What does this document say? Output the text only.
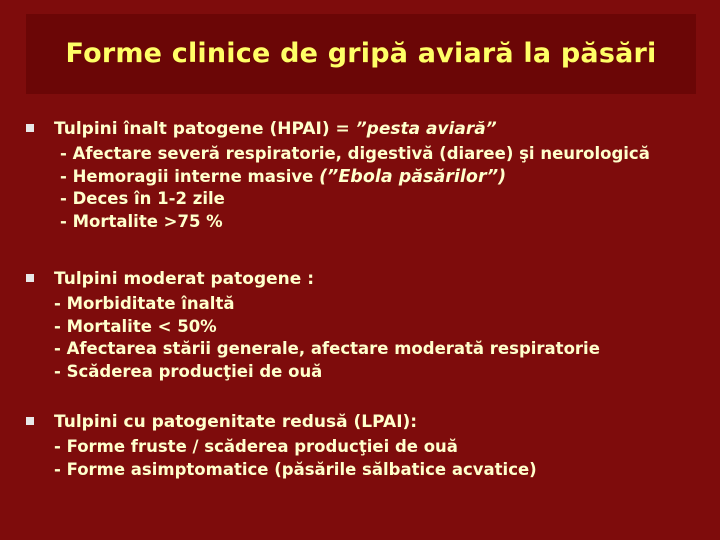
Forme clinice de gripă aviară la păsări
Tulpini înalt patogene (HPAI) = ”pesta aviară”
- Afectare severă respiratorie, digestivă (diaree) şi neurologică
- Hemoragii interne masive (”Ebola păsărilor”)
- Deces în 1-2 zile
- Mortalite >75 %
Tulpini moderat patogene :
- Morbiditate înaltă
- Mortalite < 50%
- Afectarea stării generale, afectare moderată respiratorie
- Scăderea producţiei de ouă
Tulpini cu patogenitate redusă (LPAI):
- Forme fruste / scăderea producţiei de ouă
- Forme asimptomatice (păsările sălbatice acvatice)
